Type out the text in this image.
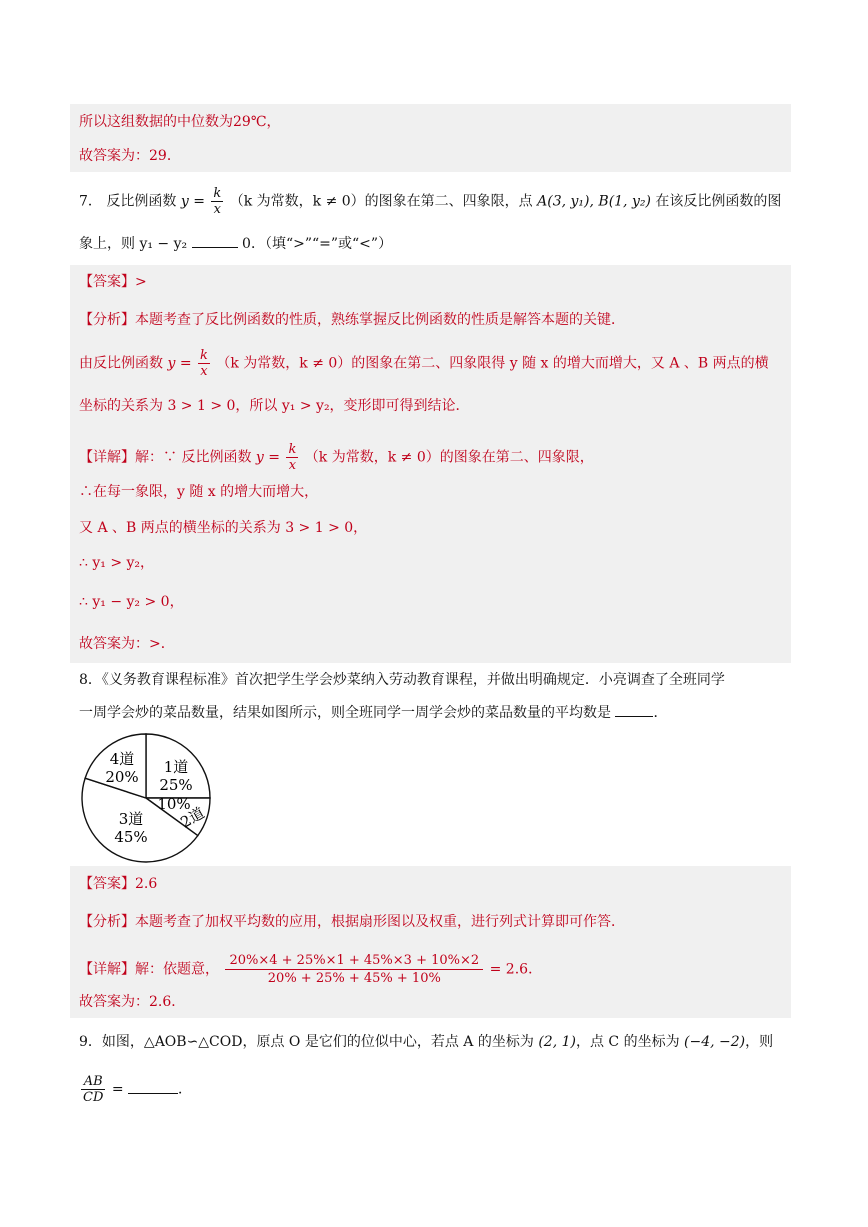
所以这组数据的中位数为29℃，
故答案为：29．
7． 反比例函数 $y = \frac{k}{x} (k$ 为常数，k ≠ 0）的图象在第二、四象限，点 A(3, y₁), B(1, y₂) 在该反比例函数的图
象上，则 y₁ − y₂	0．（填“>”“=”或“<”）
【答案】>
【分析】本题考查了反比例函数的性质，熟练掌握反比例函数的性质是解答本题的关键．
由反比例函数 $y = \frac{k}{x} (k$ 为常数，k ≠ 0）的图象在第二、四象限得 y 随 x 的增大而增大，又 A 、B 两点的横
坐标的关系为 3 > 1 > 0，所以 y₁ > y₂，变形即可得到结论．
【详解】解：∵ 反比例函数 $y = \frac{k}{x} (k$ 为常数，k ≠ 0）的图象在第二、四象限，
∴在每一象限，y 随 x 的增大而增大，
又 A 、B 两点的横坐标的关系为 3 > 1 > 0，
∴ y₁ > y₂，
∴ y₁ − y₂ > 0，
故答案为：>．
8．《义务教育课程标准》首次把学生学会炒菜纳入劳动教育课程，并做出明确规定．小亮调查了全班同学
一周学会炒的菜品数量，结果如图所示，则全班同学一周学会炒的菜品数量的平均数是	．
1道
25%
2道
10%
3道
45%
4道
20%
【答案】2.6
【分析】本题考查了加权平均数的应用，根据扇形图以及权重，进行列式计算即可作答．
【详解】解：依题意， $\frac{20\%\times 4 + 25\%\times 1 + 45\%\times 3 + 10\%\times 2}{20\% + 25\% + 45\% + 10\%} = 2.6$．
故答案为：2.6．
9．如图，△AOB∽△COD，原点 O 是它们的位似中心，若点 A 的坐标为 (2, 1)，点 C 的坐标为 (−4, −2)，则
$\frac{AB}{CD}$ =	．
